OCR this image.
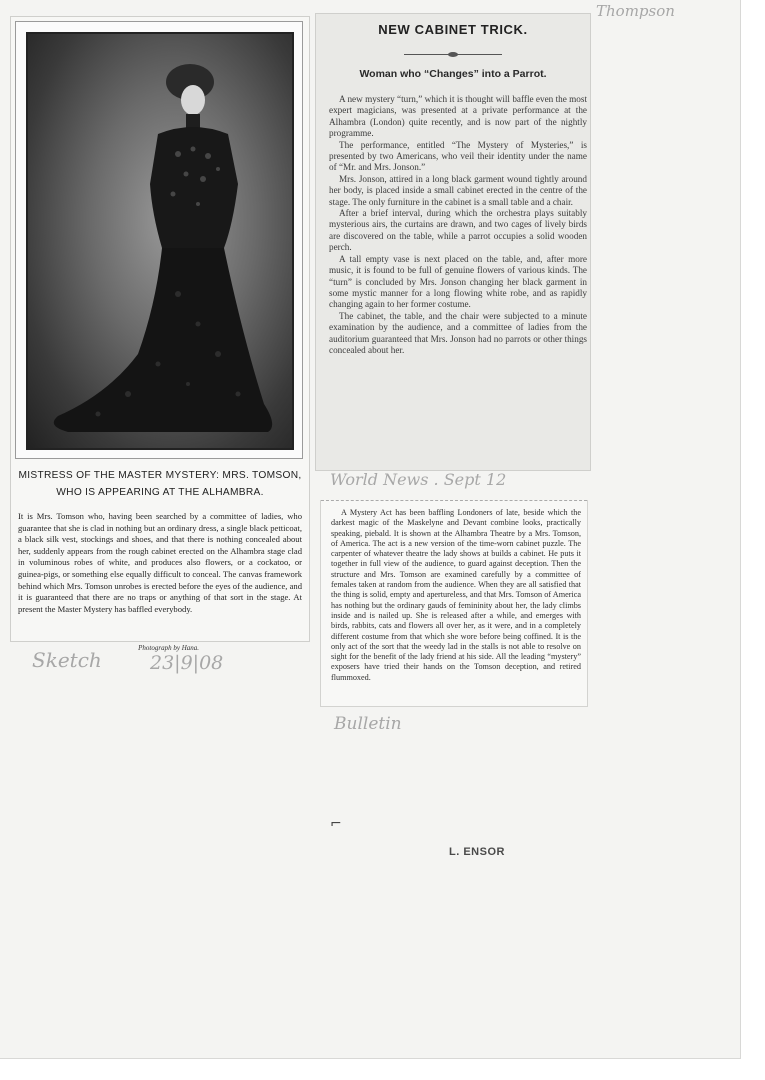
Thompson
MISTRESS OF THE MASTER MYSTERY: MRS. TOMSON,
WHO IS APPEARING AT THE ALHAMBRA.
It is Mrs. Tomson who, having been searched by a committee of ladies, who guarantee that she is clad in nothing but an ordinary dress, a single black petticoat, a black silk vest, stockings and shoes, and that there is nothing concealed about her, suddenly appears from the rough cabinet erected on the Alhambra stage clad in voluminous robes of white, and produces also flowers, or a cockatoo, or guinea-pigs, or something else equally difficult to conceal. The canvas framework behind which Mrs. Tomson unrobes is erected before the eyes of the audience, and it is guaranteed that there are no traps or anything of that sort in the stage. At present the Master Mystery has baffled everybody.
Photograph by Hana.
NEW CABINET TRICK.
Woman who “Changes” into a Parrot.

A new mystery “turn,” which it is thought will baffle even the most expert magicians, was presented at a private performance at the Alhambra (London) quite recently, and is now part of the nightly programme.

The performance, entitled “The Mystery of Mysteries,” is presented by two Americans, who veil their identity under the name of “Mr. and Mrs. Jonson.”

Mrs. Jonson, attired in a long black garment wound tightly around her body, is placed inside a small cabinet erected in the centre of the stage. The only furniture in the cabinet is a small table and a chair.

After a brief interval, during which the orchestra plays suitably mysterious airs, the curtains are drawn, and two cages of lively birds are discovered on the table, while a parrot occupies a solid wooden perch.

A tall empty vase is next placed on the table, and, after more music, it is found to be full of genuine flowers of various kinds. The “turn” is concluded by Mrs. Jonson changing her black garment in some mystic manner for a long flowing white robe, and as rapidly changing again to her former costume.

The cabinet, the table, and the chair were subjected to a minute examination by the audience, and a committee of ladies from the auditorium guaranteed that Mrs. Jonson had no parrots or other things concealed about her.

World News . Sept 12
A Mystery Act has been baffling Londoners of late, beside which the darkest magic of the Maskelyne and Devant combine looks, practically speaking, piebald. It is shown at the Alhambra Theatre by a Mrs. Tomson, of America. The act is a new version of the time-worn cabinet puzzle. The carpenter of whatever theatre the lady shows at builds a cabinet. He puts it together in full view of the audience, to guard against deception. Then the structure and Mrs. Tomson are examined carefully by a committee of females taken at random from the audience. When they are all satisfied that the thing is solid, empty and apertureless, and that Mrs. Tomson of America has nothing but the ordinary gauds of femininity about her, the lady climbs inside and is nailed up. She is released after a while, and emerges with birds, rabbits, cats and flowers all over her, as it were, and in a completely different costume from that which she wore before being coffined. It is the only act of the sort that the weedy lad in the stalls is not able to resolve on sight for the benefit of the lady friend at his side. All the leading “mystery” exposers have tried their hands on the Tomson deception, and retired flummoxed.
Sketch	23|9|08
Bulletin
⌐
L. ENSOR
